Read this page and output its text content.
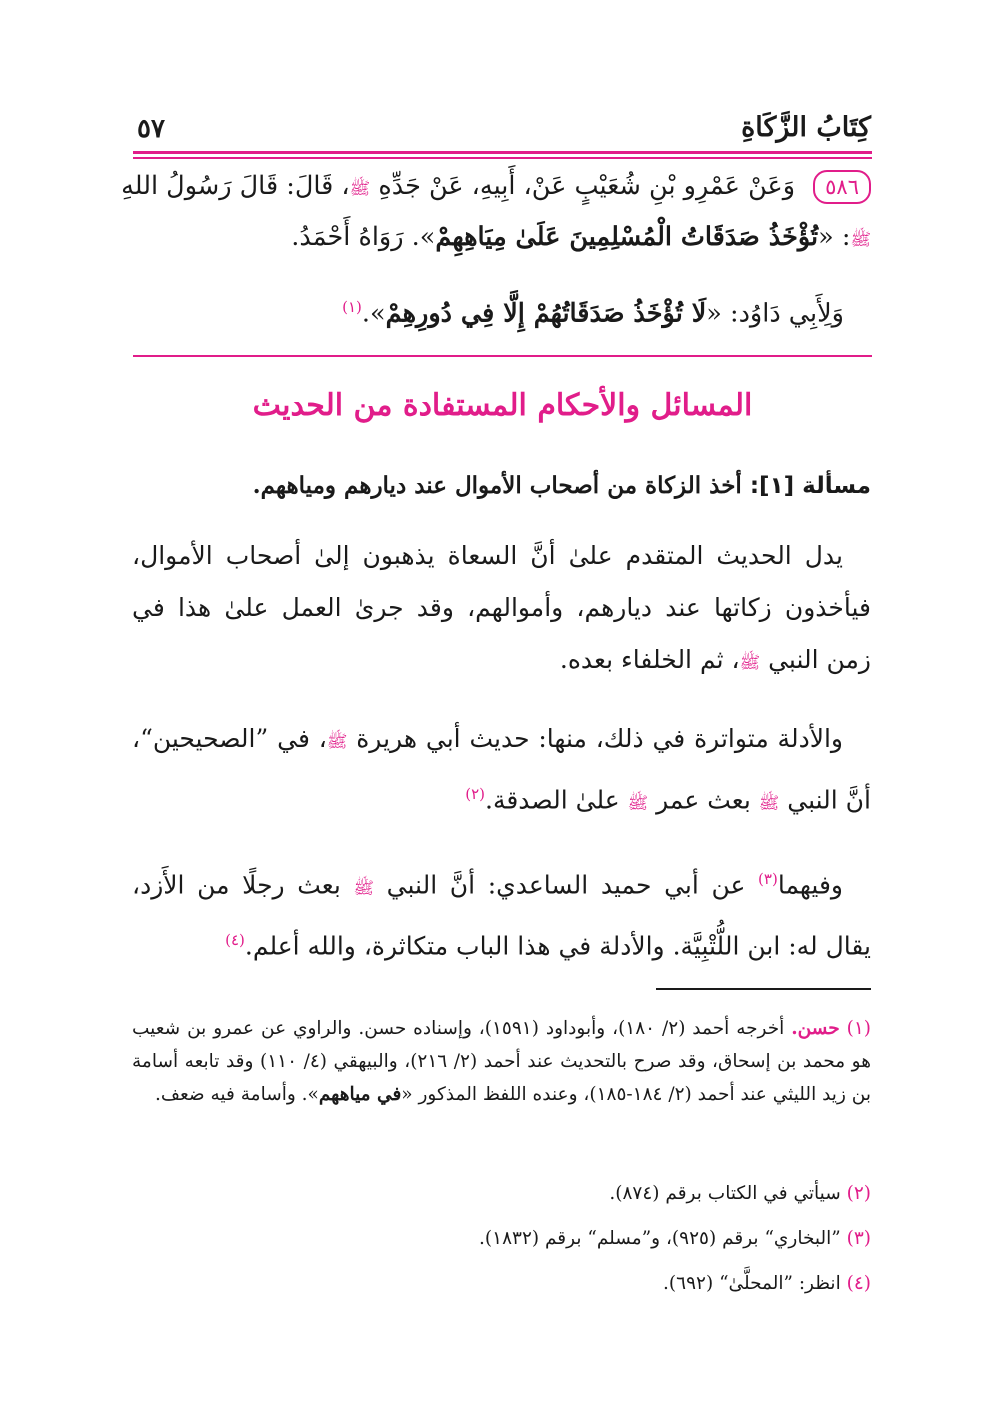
كِتَابُ الزَّكَاةِ
٥٧
٥٨٦ وَعَنْ عَمْرِو بْنِ شُعَيْبٍ عَنْ، أَبِيهِ، عَنْ جَدِّهِ ﷺ، قَالَ: قَالَ رَسُولُ اللهِ
ﷺ: «تُؤْخَذُ صَدَقَاتُ الْمُسْلِمِينَ عَلَىٰ مِيَاهِهِمْ». رَوَاهُ أَحْمَدُ.
وَلِأَبِي دَاوُد: «لَا تُؤْخَذُ صَدَقَاتُهُمْ إِلَّا فِي دُورِهِمْ».$^{(١)}$
المسائل والأحكام المستفادة من الحديث
مسألة [١]: أخذ الزكاة من أصحاب الأموال عند ديارهم ومياههم.
يدل الحديث المتقدم علىٰ أنَّ السعاة يذهبون إلىٰ أصحاب الأموال، فيأخذون زكاتها عند ديارهم، وأموالهم، وقد جرىٰ العمل علىٰ هذا في زمن النبي ﷺ، ثم الخلفاء بعده.
والأدلة متواترة في ذلك، منها: حديث أبي هريرة ﷺ، في ”الصحيحين“، أنَّ النبي ﷺ بعث عمر ﷺ علىٰ الصدقة.$^{(٢)}$
وفيهما$^{(٣)}$ عن أبي حميد الساعدي: أنَّ النبي ﷺ بعث رجلًا من الأَزد، يقال له: ابن اللُّتْبِيَّة. والأدلة في هذا الباب متكاثرة، والله أعلم.$^{(٤)}$
(١) حسن. أخرجه أحمد (٢/ ١٨٠)، وأبوداود (١٥٩١)، وإسناده حسن. والراوي عن عمرو بن شعيب هو محمد بن إسحاق، وقد صرح بالتحديث عند أحمد (٢/ ٢١٦)، والبيهقي (٤/ ١١٠) وقد تابعه أسامة بن زيد الليثي عند أحمد (٢/ ١٨٤-١٨٥)، وعنده اللفظ المذكور «في مياههم». وأسامة فيه ضعف.
(٢) سيأتي في الكتاب برقم (٨٧٤).
(٣) ”البخاري“ برقم (٩٢٥)، و”مسلم“ برقم (١٨٣٢).
(٤) انظر: ”المحلَّىٰ“ (٦٩٢).
